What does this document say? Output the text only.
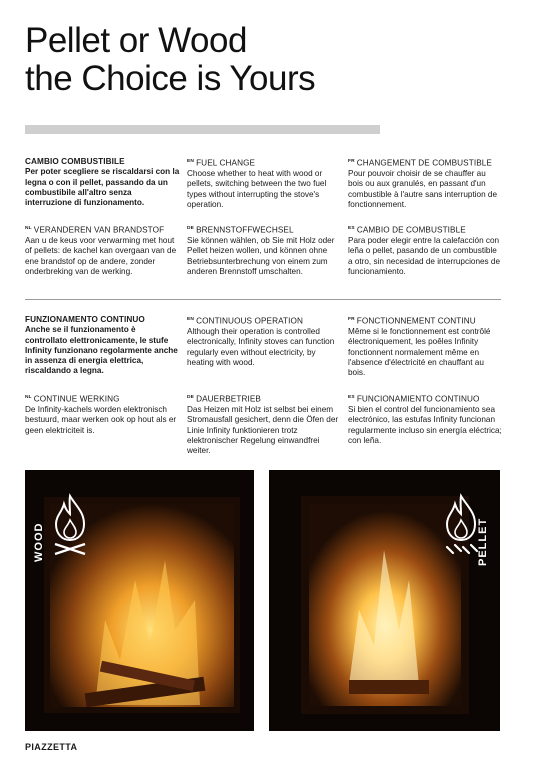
Pellet or Wood
the Choice is Yours
CAMBIO COMBUSTIBILE
Per poter scegliere se riscaldarsi con la legna o con il pellet, passando da un combustibile all'altro senza interruzione di funzionamento.
$^{EN}$ FUEL CHANGE
Choose whether to heat with wood or pellets, switching between the two fuel types without interrupting the stove's operation.
$^{FR}$ CHANGEMENT DE COMBUSTIBLE
Pour pouvoir choisir de se chauffer au bois ou aux granulés, en passant d'un combustible à l'autre sans interruption de fonctionnement.
$^{NL}$ VERANDEREN VAN BRANDSTOF
Aan u de keus voor verwarming met hout of pellets: de kachel kan overgaan van de ene brandstof op de andere, zonder onderbreking van de werking.
$^{DE}$ BRENNSTOFFWECHSEL
Sie können wählen, ob Sie mit Holz oder Pellet heizen wollen, und können ohne Betriebsunterbrechung von einem zum anderen Brennstoff umschalten.
$^{ES}$ CAMBIO DE COMBUSTIBLE
Para poder elegir entre la calefacción con leña o pellet, pasando de un combustible a otro, sin necesidad de interrupciones de funcionamiento.
FUNZIONAMENTO CONTINUO
Anche se il funzionamento è controllato elettronicamente, le stufe Infinity funzionano regolarmente anche in assenza di energia elettrica, riscaldando a legna.
$^{EN}$ CONTINUOUS OPERATION
Although their operation is controlled electronically, Infinity stoves can function regularly even without electricity, by heating with wood.
$^{FR}$ FONCTIONNEMENT CONTINU
Même si le fonctionnement est contrôlé électroniquement, les poêles Infinity fonctionnent normalement même en l'absence d'électricité en chauffant au bois.
$^{NL}$ CONTINUE WERKING
De Infinity-kachels worden elektronisch bestuurd, maar werken ook op hout als er geen elektriciteit is.
$^{DE}$ DAUERBETRIEB
Das Heizen mit Holz ist selbst bei einem Stromausfall gesichert, denn die Öfen der Linie Infinity funktionieren trotz elektronischer Regelung einwandfrei weiter.
$^{ES}$ FUNCIONAMIENTO CONTINUO
Si bien el control del funcionamiento sea electrónico, las estufas Infinity funcionan regularmente incluso sin energía eléctrica; con leña.
WOOD	PELLET
PIAZZETTA
